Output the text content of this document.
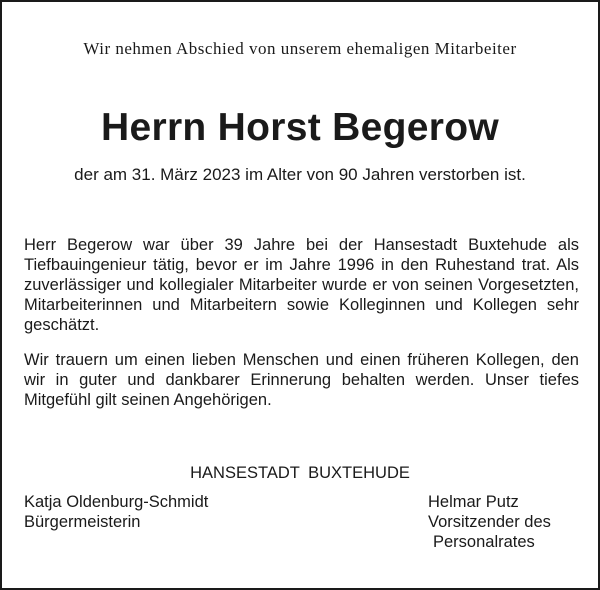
Wir nehmen Abschied von unserem ehemaligen Mitarbeiter

Herrn Horst Begerow

der am 31. März 2023 im Alter von 90 Jahren verstorben ist.

Herr Begerow war über 39 Jahre bei der Hansestadt Buxtehude als Tiefbauingenieur tätig, bevor er im Jahre 1996 in den Ruhestand trat. Als zuverlässiger und kollegialer Mitarbeiter wurde er von seinen Vorgesetzten, Mitarbeiterinnen und Mitarbeitern sowie Kolleginnen und Kollegen sehr geschätzt.

Wir trauern um einen lieben Menschen und einen früheren Kollegen, den wir in guter und dankbarer Erinnerung behalten werden. Unser tiefes Mitgefühl gilt seinen Angehörigen.

HANSESTADT BUXTEHUDE

Katja Oldenburg-Schmidt
Bürgermeisterin
Helmar Putz
Vorsitzender des
Personalrates
